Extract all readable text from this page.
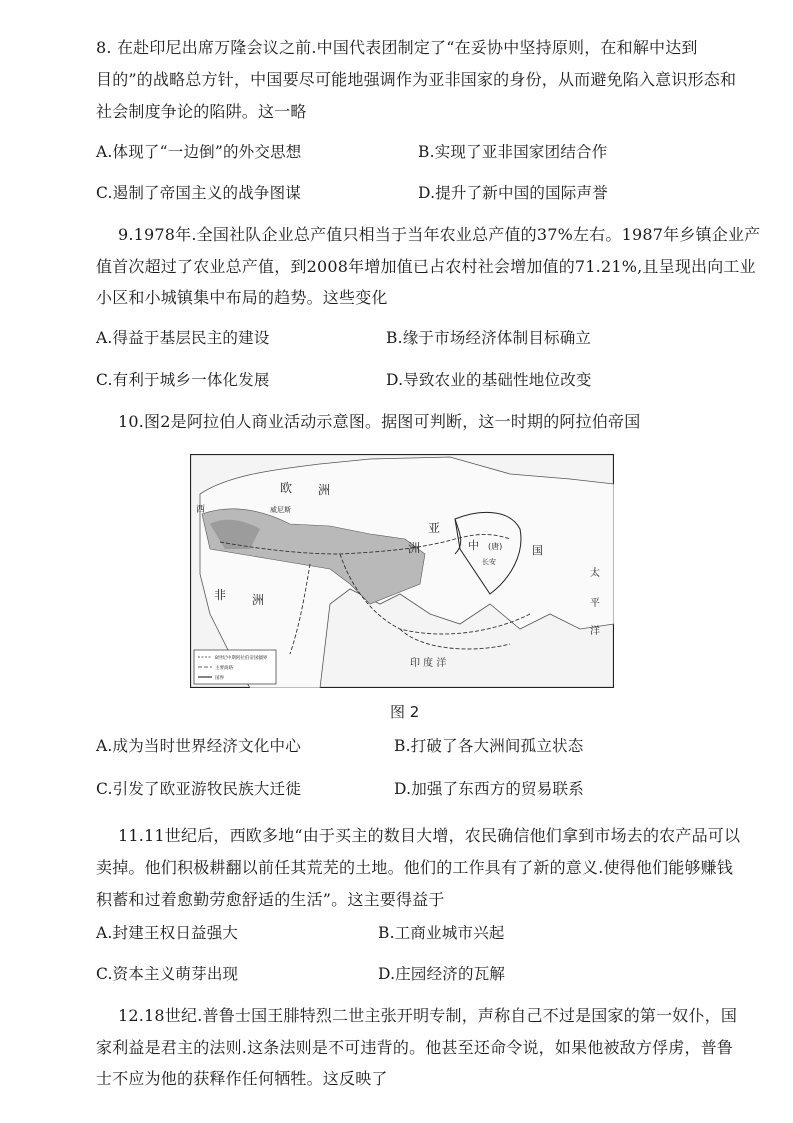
8. 在赴印尼出席万隆会议之前.中国代表团制定了“在妥协中坚持原则，在和解中达到
目的”的战略总方针，中国要尽可能地强调作为亚非国家的身份，从而避免陷入意识形态和
社会制度争论的陷阱。这一略
A.体现了“一边倒”的外交思想	B.实现了亚非国家团结合作
C.遏制了帝国主义的战争图谋	D.提升了新中国的国际声誉
9.1978年.全国社队企业总产值只相当于当年农业总产值的37%左右。1987年乡镇企业产
值首次超过了农业总产值，到2008年增加值已占农村社会增加值的71.21%,且呈现出向工业
小区和小城镇集中布局的趋势。这些变化
A.得益于基层民主的建设	B.缘于市场经济体制目标确立
C.有利于城乡一体化发展	D.导致农业的基础性地位改变
10.图2是阿拉伯人商业活动示意图。据图可判断，这一时期的阿拉伯帝国
欧 洲
威尼斯
西
亚
洲	中 (唐)	国
长安
非 洲
太
平
洋
印 度 洋
8世纪中期阿拉伯帝国疆界
主要商路
国界
图 2
A.成为当时世界经济文化中心	B.打破了各大洲间孤立状态
C.引发了欧亚游牧民族大迁徙	D.加强了东西方的贸易联系
11.11世纪后，西欧多地“由于买主的数目大增，农民确信他们拿到市场去的农产品可以
卖掉。他们积极耕翻以前任其荒芜的土地。他们的工作具有了新的意义.使得他们能够赚钱
积蓄和过着愈勤劳愈舒适的生活”。这主要得益于
A.封建王权日益强大	B.工商业城市兴起
C.资本主义萌芽出现	D.庄园经济的瓦解
12.18世纪.普鲁士国王腓特烈二世主张开明专制，声称自己不过是国家的第一奴仆，国
家利益是君主的法则.这条法则是不可违背的。他甚至还命令说，如果他被敌方俘虏，普鲁
士不应为他的获释作任何牺牲。这反映了
